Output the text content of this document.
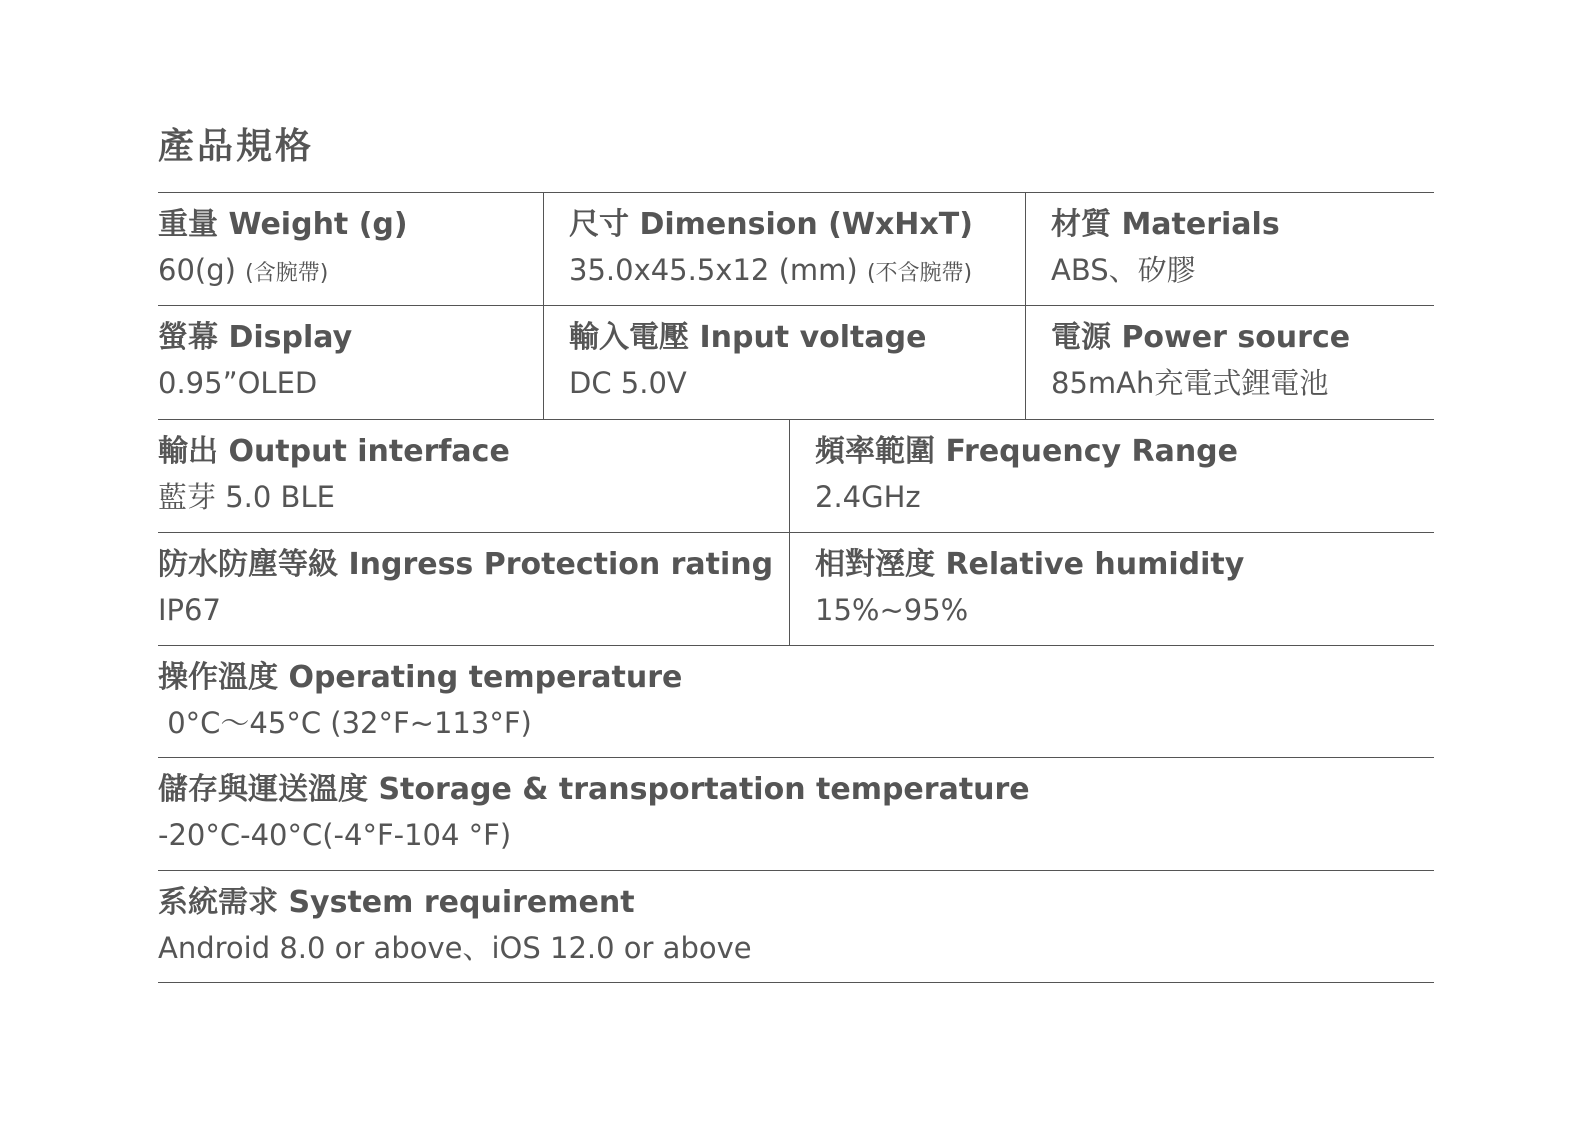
產品規格
重量 Weight (g)
60(g) (含腕帶)
尺寸 Dimension (WxHxT)
35.0x45.5x12 (mm) (不含腕帶)
材質 Materials
ABS、矽膠
螢幕 Display
0.95”OLED
輸入電壓 Input voltage
DC 5.0V
電源 Power source
85mAh充電式鋰電池
輸出 Output interface
藍芽 5.0 BLE
頻率範圍 Frequency Range
2.4GHz
防水防塵等級 Ingress Protection rating
IP67
相對溼度 Relative humidity
15%~95%
操作溫度 Operating temperature
0°C～45°C (32°F~113°F)
儲存與運送溫度 Storage & transportation temperature
-20°C-40°C(-4°F-104 °F)
系統需求 System requirement
Android 8.0 or above、iOS 12.0 or above
